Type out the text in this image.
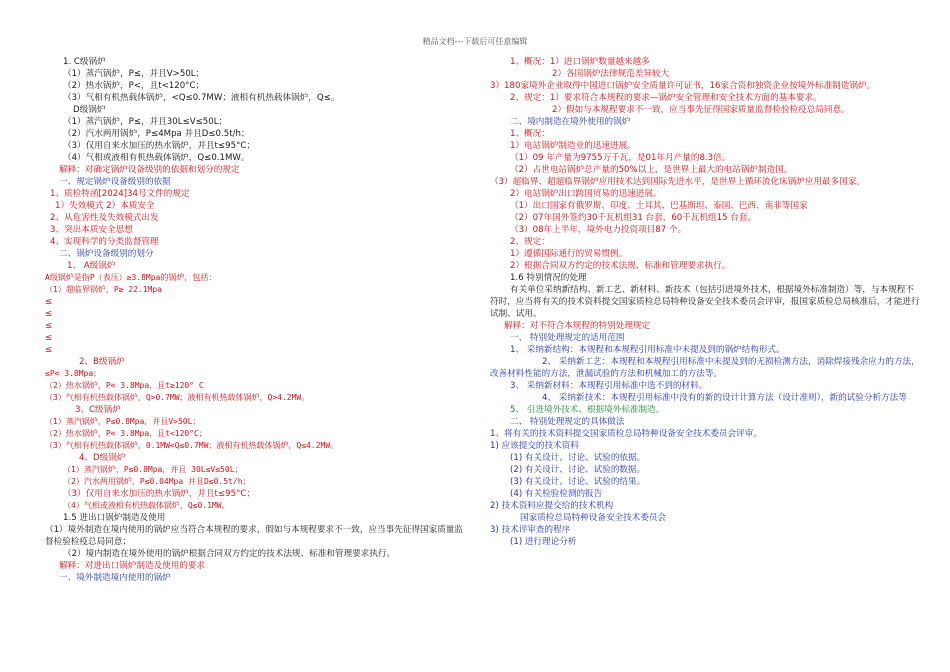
精品文档---下载后可任意编辑
1. C级锅炉
（1）蒸汽锅炉，P≤，并且V>50L；
（2）热水锅炉，P<，且t<120°C；
（3）气相有机热载体锅炉，<Q≤0.7MW；液相有机热载体锅炉，Q≤。
D级锅炉
（1）蒸汽锅炉，P≤，并且30L≤V≤50L；
（2）汽水两用锅炉，P≤4Mpa 并且D≤0.5t/h；
（3）仅用自来水加压的热水锅炉，并且t≤95°C；
（4）气相或液相有机热载体锅炉，Q≤0.1MW。
解释：对确定锅炉设备级别的依据和划分的规定
一、规定锅炉设备级别的依据
1、质检特函[2024]34号文件的规定
1）失效模式 2）本质安全
2、从危害性及失效模式出发
3、突出本质安全思想
4、实现科学的分类监督管理
二、锅炉设备级别的划分
1、 A级锅炉
A级锅炉是指P（表压）≥3.8Mpa的锅炉，包括：
（1）超临界锅炉，P≥ 22.1Mpa
≤
≤
≤
≤
≤
2、B级锅炉
≤P< 3.8Mpa；
（2）热水锅炉，P< 3.8Mpa，且t≥120° C
（3）气相有机热载体锅炉，Q>0.7MW；液相有机热载体锅炉，Q>4.2MW。
3、C级锅炉
（1）蒸汽锅炉，P≤0.8Mpa，并且V>50L；
（2）热水锅炉，P< 3.8Mpa，且t<120°C；
（3）气相有机热载体锅炉，0.1MW<Q≤0.7MW；液相有机热载体锅炉，Q≤4.2MW。
4、D级锅炉
（1）蒸汽锅炉，P≤0.8Mpa，并且 30L≤V≤50L；
（2）汽水两用锅炉，P≤0.04Mpa 并且D≤0.5t/h；
（3）仅用自来水加压的热水锅炉，并且t≤95°C；
（4）气相或液相有机热载体锅炉，Q≤0.1MW。
1.5 进出口锅炉制造及使用
（1）境外制造在境内使用的锅炉应当符合本规程的要求，假如与本规程要求不一致，应当事先征得国家质量监督检验检疫总局同意；
（2）境内制造在境外使用的锅炉根据合同双方约定的技术法规、标准和管理要求执行。
解释：对进出口锅炉制造及使用的要求
一、境外制造境内使用的锅炉
1、概况：1）进口锅炉数量越来越多
2）各国锅炉法律规范差异较大
3）180家境外企业取得中国进口锅炉安全质量许可证书，16家合资和独资企业按境外标准制造锅炉。
2、规定：1）要求符合本规程的要求—锅炉安全管理和安全技术方面的基本要求。
2）假如与本规程要求不一致，应当事先征得国家质量监督检验检疫总局同意。
二、境内制造在境外使用的锅炉
1、概况：
1）电站锅炉制造业的迅速进展。
（1）09 年产量为9755万千瓦，是01年月产量的8.3倍。
（2）占世电站锅炉总产量的50%以上，是世界上最大的电站锅炉制造国。
（3）超临界、超超临界锅炉应用技术达到国际先进水平，是世界上循环流化床锅炉应用最多国家。
2）电站锅炉出口跨国贸易的迅速进展。
（1）出口国家有俄罗斯、印度、土耳其、巴基斯坦、泰国、巴西、南非等国家
（2）07年国外签约30千瓦机组31 台套，60千瓦机组15 台套。
（3）08年上半年，境外电力投资项目87 个。
2、规定：
1）遵循国际通行的贸易惯例。
2）根据合同双方约定的技术法规、标准和管理要求执行。
1.6 特别情况的处理
有关单位采纳新结构、新工艺、新材料、新技术（包括引进境外技术，根据境外标准制造）等，与本规程不符时，应当将有关的技术资料提交国家质检总局特种设备安全技术委员会评审，报国家质检总局核准后，才能进行试制、试用。
解释：对不符合本规程的特别处理规定
一、 特别处理规定的适用范围
1、 采纳新结构：本规程和本规程引用标准中未提及到的锅炉结构形式。
2、 采纳新工艺：本规程和本规程引用标准中未提及到的无损检测方法，消除焊接残余应力的方法，改善材料性能的方法，泄漏试验的方法和机械加工的方法等。
3、 采纳新材料：本规程引用标准中选不到的材料。
4、 采纳新技术：本规程引用标准中没有的新的设计计算方法（设计准则），新的试验分析方法等
5、 引进境外技术、根据境外标准制造。
二、 特别处理规定的具体做法
1、将有关的技术资料提交国家质检总局特种设备安全技术委员会评审。
1) 应该提交的技术资料
(1) 有关设计、讨论、试验的依据。
(2) 有关设计、讨论、试验的数据。
(3) 有关设计、讨论、试验的结果。
(4) 有关检验检测的报告
2) 技术资料应提交给的技术机构
国家质检总局特种设备安全技术委员会
3) 技术评审查的程序
(1) 进行理论分析
